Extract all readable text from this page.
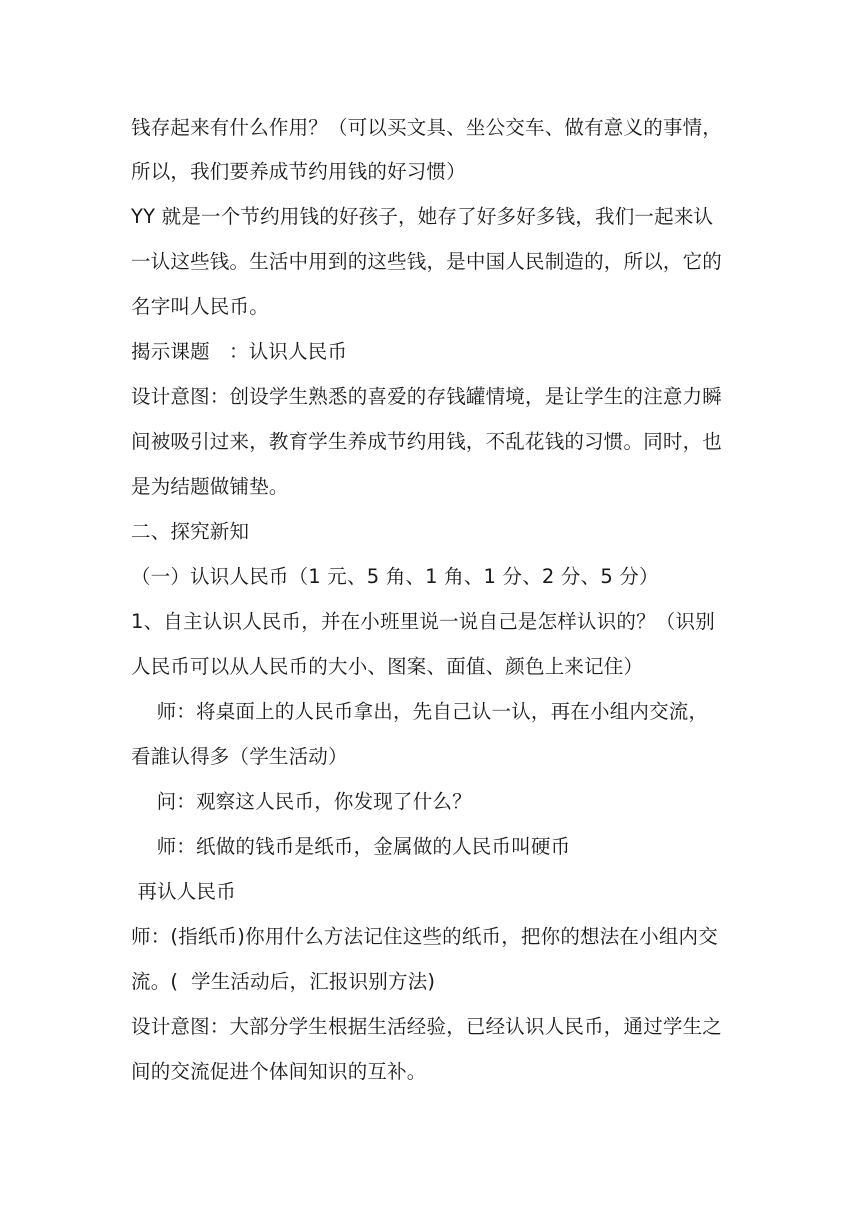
钱存起来有什么作用？（可以买文具、坐公交车、做有意义的事情，
所以，我们要养成节约用钱的好习惯）
YY 就是一个节约用钱的好孩子，她存了好多好多钱，我们一起来认
一认这些钱。生活中用到的这些钱，是中国人民制造的，所以，它的
名字叫人民币。
揭示课题   ：认识人民币
设计意图：创设学生熟悉的喜爱的存钱罐情境，是让学生的注意力瞬
间被吸引过来，教育学生养成节约用钱，不乱花钱的习惯。同时，也
是为结题做铺垫。
二、探究新知
（一）认识人民币（1 元、5 角、1 角、1 分、2 分、5 分）
1、自主认识人民币，并在小班里说一说自己是怎样认识的？（识别
人民币可以从人民币的大小、图案、面值、颜色上来记住）
师：将桌面上的人民币拿出，先自己认一认，再在小组内交流，
看誰认得多（学生活动）
问：观察这人民币，你发现了什么？
师：纸做的钱币是纸币，金属做的人民币叫硬币
再认人民币
师：(指纸币)你用什么方法记住这些的纸币，把你的想法在小组内交
流。(  学生活动后，汇报识别方法)
设计意图：大部分学生根据生活经验，已经认识人民币，通过学生之
间的交流促进个体间知识的互补。
